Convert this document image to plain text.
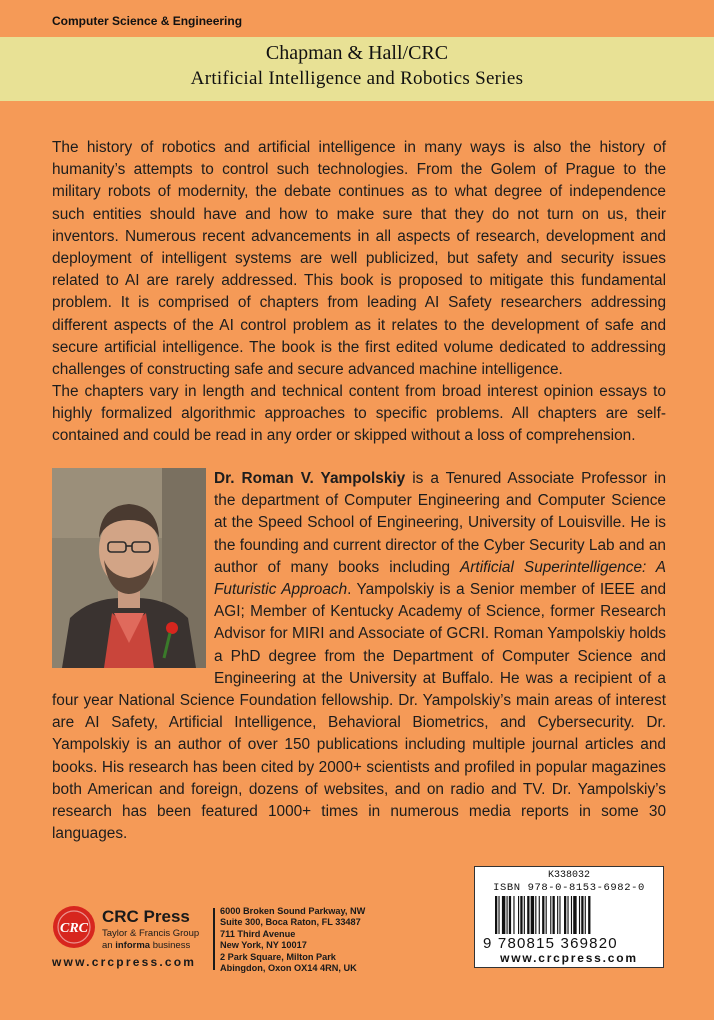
Computer Science & Engineering
Chapman & Hall/CRC
Artificial Intelligence and Robotics Series
The history of robotics and artificial intelligence in many ways is also the history of humanity’s attempts to control such technologies. From the Golem of Prague to the military robots of modernity, the debate continues as to what degree of independence such entities should have and how to make sure that they do not turn on us, their inventors. Numerous recent advancements in all aspects of research, development and deployment of intelligent systems are well publicized, but safety and security issues related to AI are rarely addressed. This book is proposed to mitigate this fundamental problem. It is comprised of chapters from leading AI Safety researchers addressing different aspects of the AI control problem as it relates to the development of safe and secure artificial intelligence. The book is the first edited volume dedicated to addressing challenges of constructing safe and secure advanced machine intelligence.
The chapters vary in length and technical content from broad interest opinion essays to highly formalized algorithmic approaches to specific problems. All chapters are self-contained and could be read in any order or skipped without a loss of comprehension.
Dr. Roman V. Yampolskiy is a Tenured Associate Professor in the department of Computer Engineering and Computer Science at the Speed School of Engineering, University of Louisville. He is the founding and current director of the Cyber Security Lab and an author of many books including Artificial Superintelligence: A Futuristic Approach. Yampolskiy is a Senior member of IEEE and AGI; Member of Kentucky Academy of Science, former Research Advisor for MIRI and Associate of GCRI. Roman Yampolskiy holds a PhD degree from the Department of Computer Science and Engineering at the University at Buffalo. He was a recipient of a four year National Science Foundation fellowship. Dr. Yampolskiy’s main areas of interest are AI Safety, Artificial Intelligence, Behavioral Biometrics, and Cybersecurity. Dr. Yampolskiy is an author of over 150 publications including multiple journal articles and books. His research has been cited by 2000+ scientists and profiled in popular magazines both American and foreign, dozens of websites, and on radio and TV. Dr. Yampolskiy’s research has been featured 1000+ times in numerous media reports in some 30 languages.
CRC
CRC Press
Taylor & Francis Group
an informa business
www.crcpress.com
6000 Broken Sound Parkway, NW
Suite 300, Boca Raton, FL 33487
711 Third Avenue
New York, NY 10017
2 Park Square, Milton Park
Abingdon, Oxon OX14 4RN, UK
K338032
ISBN 978-0-8153-6982-0
9 780815 369820
www.crcpress.com
